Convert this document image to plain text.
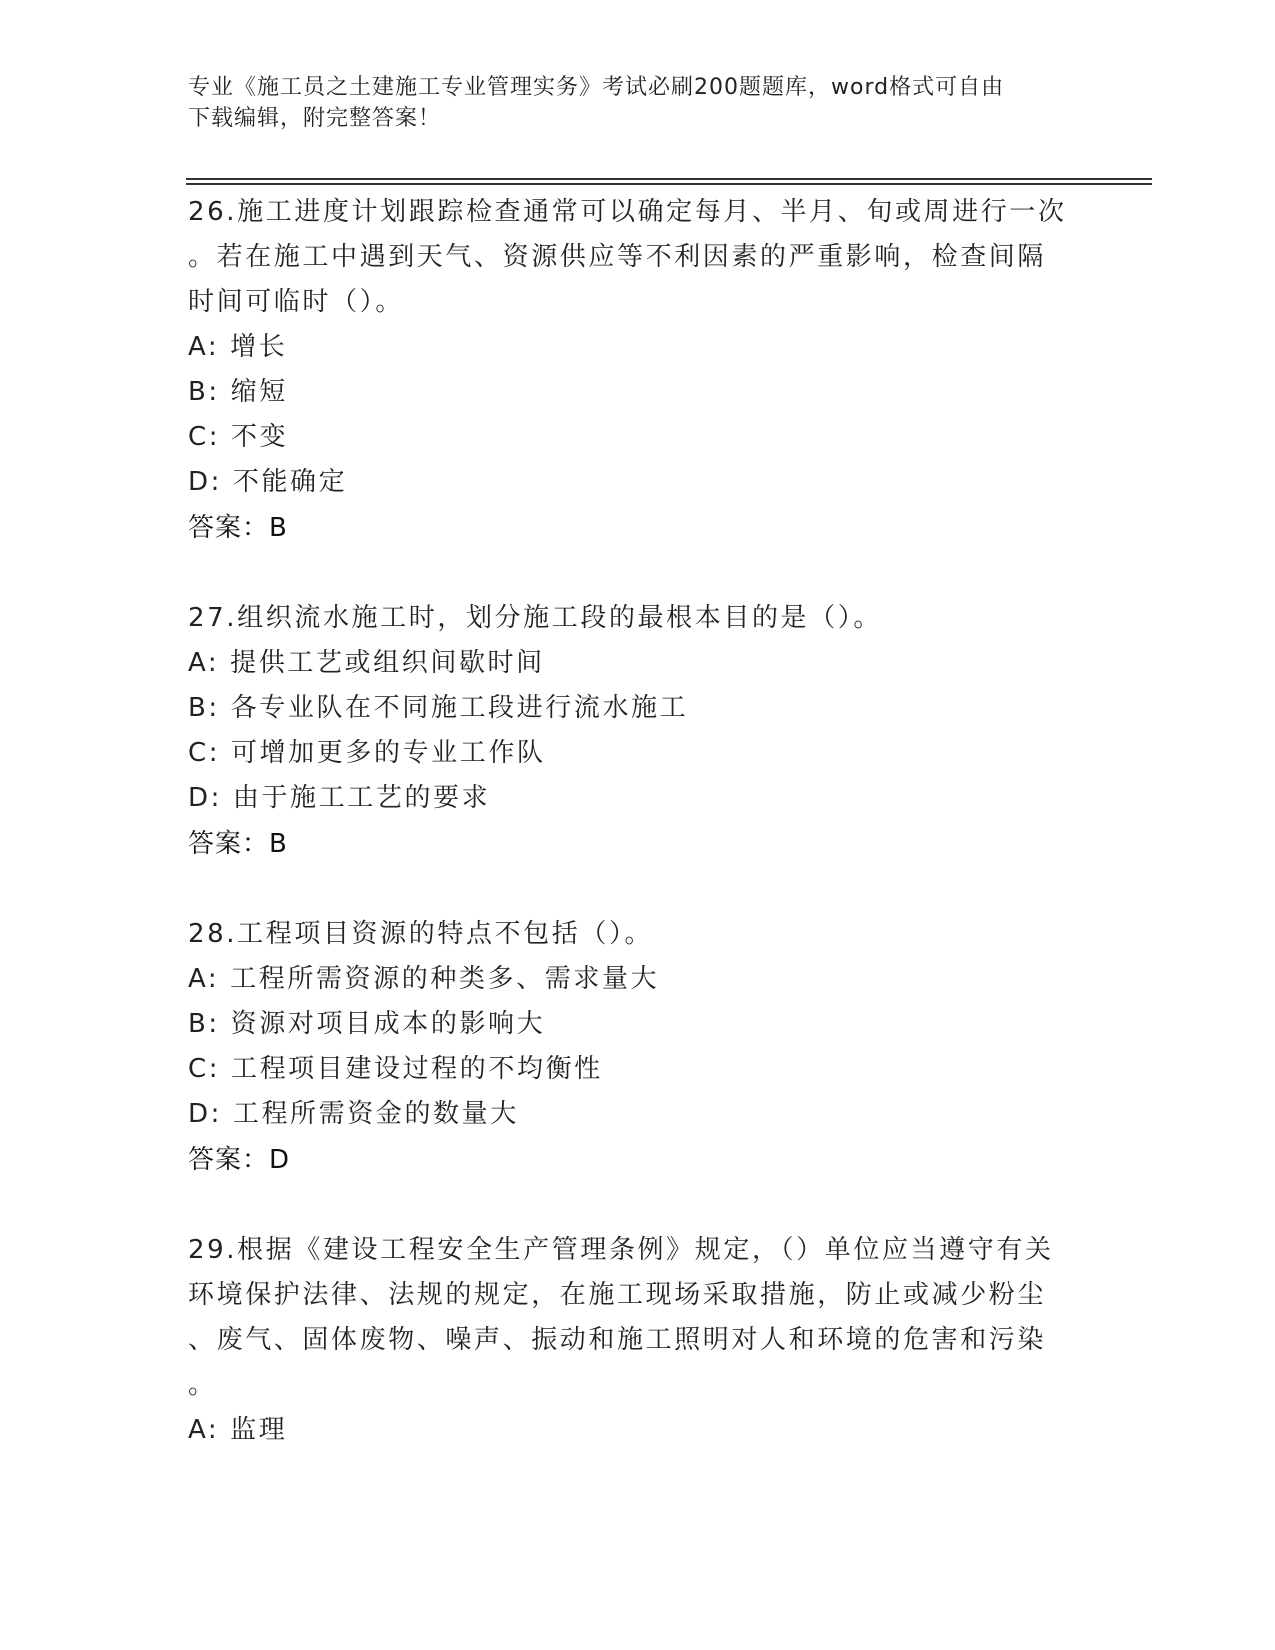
专业《施工员之土建施工专业管理实务》考试必刷200题题库，word格式可自由
下载编辑，附完整答案！
26.施工进度计划跟踪检查通常可以确定每月、半月、旬或周进行一次
。若在施工中遇到天气、资源供应等不利因素的严重影响，检查间隔
时间可临时（）。
A: 增长
B: 缩短
C: 不变
D: 不能确定
答案：B
27.组织流水施工时，划分施工段的最根本目的是（）。
A: 提供工艺或组织间歇时间
B: 各专业队在不同施工段进行流水施工
C: 可增加更多的专业工作队
D: 由于施工工艺的要求
答案：B
28.工程项目资源的特点不包括（）。
A: 工程所需资源的种类多、需求量大
B: 资源对项目成本的影响大
C: 工程项目建设过程的不均衡性
D: 工程所需资金的数量大
答案：D
29.根据《建设工程安全生产管理条例》规定，（）单位应当遵守有关
环境保护法律、法规的规定，在施工现场采取措施，防止或减少粉尘
、废气、固体废物、噪声、振动和施工照明对人和环境的危害和污染
。
A: 监理
